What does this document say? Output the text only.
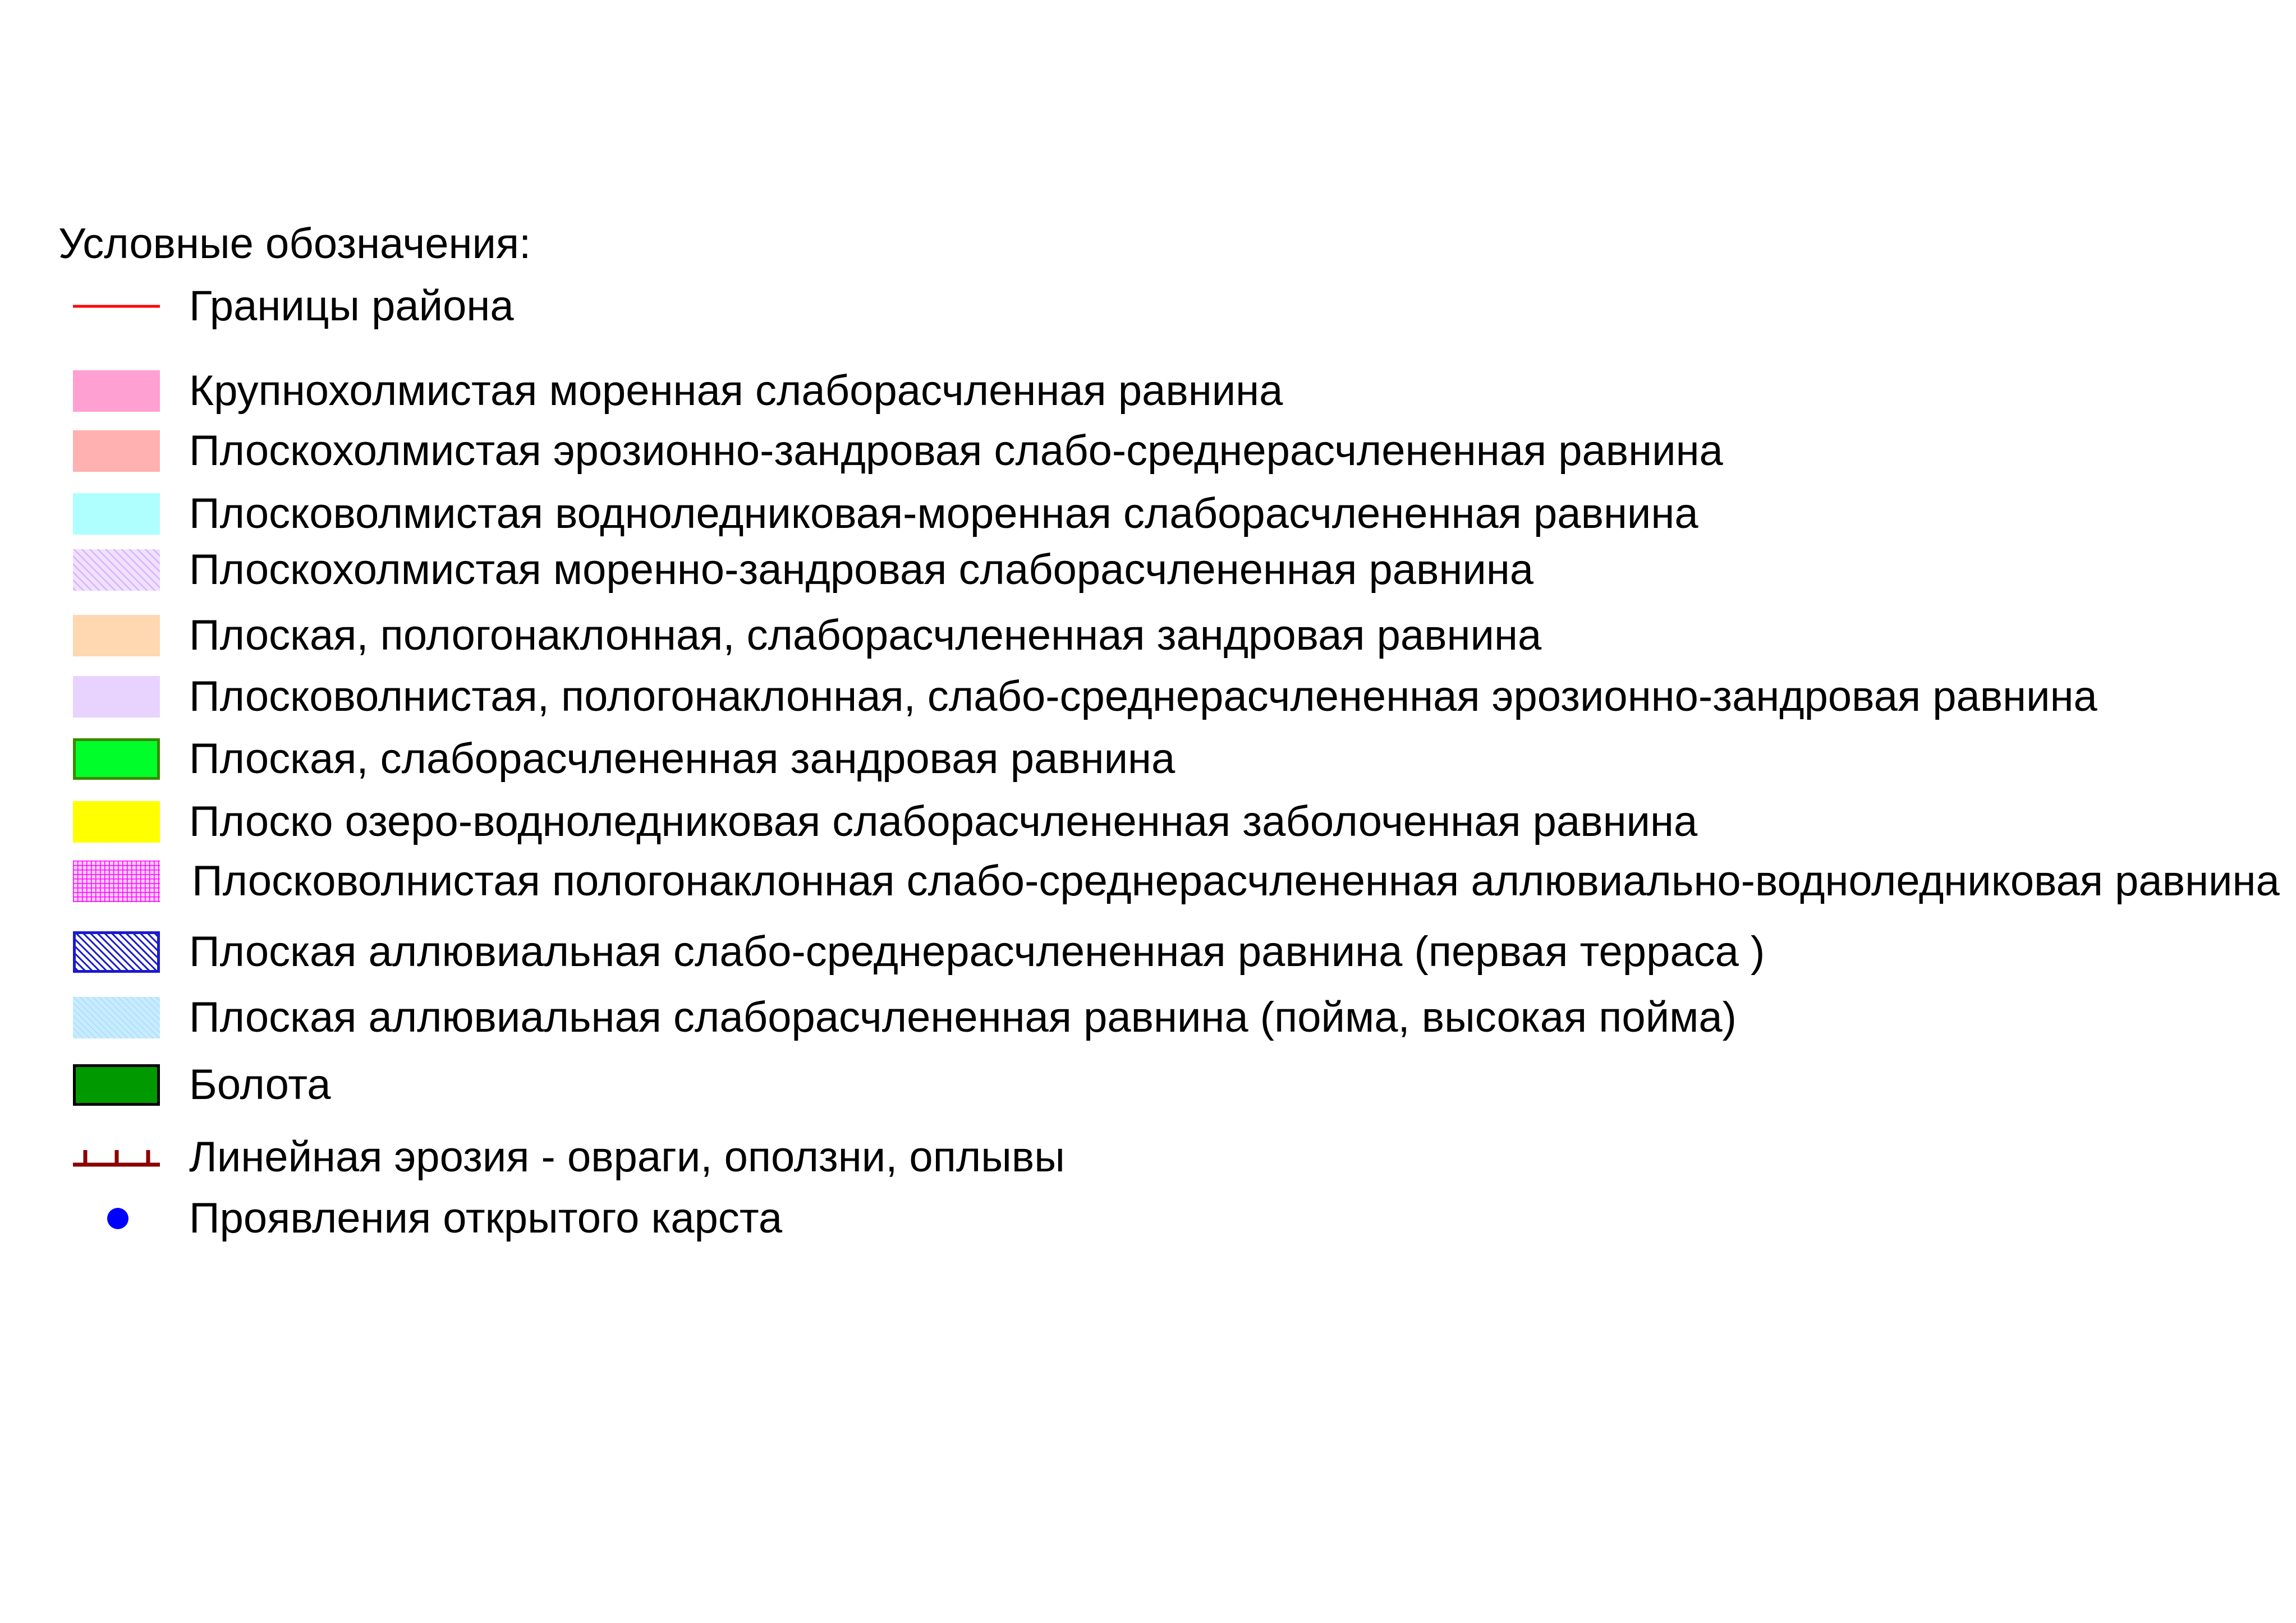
Условные обозначения:
Границы района
Крупнохолмистая моренная слаборасчленная равнина
Плоскохолмистая эрозионно-зандровая слабо-среднерасчлененная равнина
Плосковолмистая водноледниковая-моренная слаборасчлененная равнина
Плоскохолмистая моренно-зандровая слаборасчлененная равнина
Плоская, пологонаклонная, слаборасчлененная зандровая равнина
Плосковолнистая, пологонаклонная, слабо-среднерасчлененная эрозионно-зандровая равнина
Плоская, слаборасчлененная зандровая равнина
Плоско озеро-водноледниковая слаборасчлененная заболоченная равнина
Плосковолнистая пологонаклонная слабо-среднерасчлененная аллювиально-водноледниковая равнина
Плоская аллювиальная слабо-среднерасчлененная равнина (первая терраса )
Плоская аллювиальная слаборасчлененная равнина (пойма, высокая пойма)
Болота
Линейная эрозия - овраги, оползни, оплывы
Проявления открытого карста
